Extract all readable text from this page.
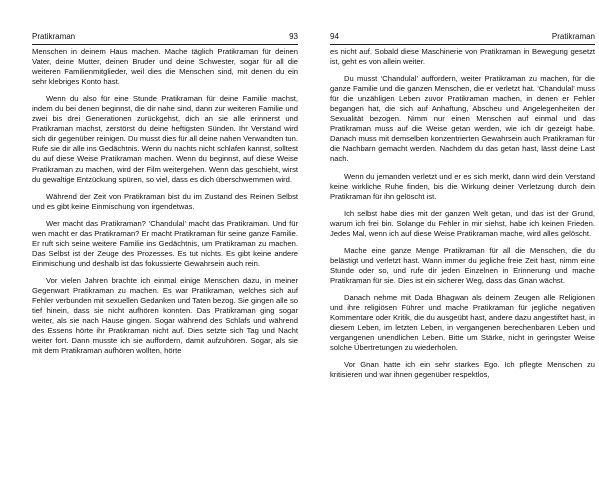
Pratikraman	93

Menschen in deinem Haus machen. Mache täglich Pratikraman für deinen Vater, deine Mutter, deinen Bruder und deine Schwester, sogar für all die weiteren Familienmitglieder, weil dies die Menschen sind, mit denen du ein sehr klebriges Konto hast.

Wenn du also für eine Stunde Pratikraman für deine Familie machst, indem du bei denen beginnst, die dir nahe sind, dann zur weiteren Familie und zwei bis drei Generationen zurückgehst, dich an sie alle erinnerst und Pratikraman machst, zerstörst du deine heftigsten Sünden. Ihr Verstand wird sich dir gegenüber reinigen. Du musst dies für all deine nahen Verwandten tun. Rufe sie dir alle ins Gedächtnis. Wenn du nachts nicht schlafen kannst, solltest du auf diese Weise Pratikraman machen. Wenn du beginnst, auf diese Weise Pratikraman zu machen, wird der Film weitergehen. Wenn das geschieht, wirst du gewaltige Entzückung spüren, so viel, dass es dich überschwemmen wird.

Während der Zeit von Pratikraman bist du im Zustand des Reinen Selbst und es gibt keine Einmischung von irgendetwas.

Wer macht das Pratikraman? ‘Chandulal’ macht das Pratikraman. Und für wen macht er das Pratikraman? Er macht Pratikraman für seine ganze Familie. Er ruft sich seine weitere Familie ins Gedächtnis, um Pratikraman zu machen. Das Selbst ist der Zeuge des Prozesses. Es tut nichts. Es gibt keine andere Einmischung und deshalb ist das fokussierte Gewahrsein auch rein.

Vor vielen Jahren brachte ich einmal einige Menschen dazu, in meiner Gegenwart Pratikraman zu machen. Es war Pratikraman, welches sich auf Fehler verbunden mit sexuellen Gedanken und Taten bezog. Sie gingen alle so tief hinein, dass sie nicht aufhören konnten. Das Pratikraman ging sogar weiter, als sie nach Hause gingen. Sogar während des Schlafs und während des Essens hörte ihr Pratikraman nicht auf. Dies setzte sich Tag und Nacht weiter fort. Dann musste ich sie auffordern, damit aufzuhören. Sogar, als sie mit dem Pratikraman aufhören wollten, hörte

94	Pratikraman

es nicht auf. Sobald diese Maschinerie von Pratikraman in Bewegung gesetzt ist, geht es von allein weiter.

Du musst ‘Chandulal’ auffordern, weiter Pratikraman zu machen, für die ganze Familie und die ganzen Menschen, die er verletzt hat. ‘Chandulal’ muss für die unzähligen Leben zuvor Pratikraman machen, in denen er Fehler begangen hat, die sich auf Anhaftung, Abscheu und Angelegenheiten der Sexualität bezogen. Nimm nur einen Menschen auf einmal und das Pratikraman muss auf die Weise getan werden, wie ich dir gezeigt habe. Danach muss mit demselben konzentrierten Gewahrsein auch Pratikraman für die Nachbarn gemacht werden. Nachdem du das getan hast, lässt deine Last nach.

Wenn du jemanden verletzt und er es sich merkt, dann wird dein Verstand keine wirkliche Ruhe finden, bis die Wirkung deiner Verletzung durch dein Pratikraman für ihn gelöscht ist.

Ich selbst habe dies mit der ganzen Welt getan, und das ist der Grund, warum ich frei bin. Solange du Fehler in mir siehst, habe ich keinen Frieden. Jedes Mal, wenn ich auf diese Weise Pratikraman mache, wird alles gelöscht.

Mache eine ganze Menge Pratikraman für all die Menschen, die du belästigt und verletzt hast. Wann immer du jegliche freie Zeit hast, nimm eine Stunde oder so, und rufe dir jeden Einzelnen in Erinnerung und mache Pratikraman für sie. Dies ist ein sicherer Weg, dass das Gnan wächst.

Danach nehme mit Dada Bhagwan als deinem Zeugen alle Religionen und ihre religiösen Führer und mache Pratikraman für jegliche negativen Kommentare oder Kritik, die du ausgeübt hast, andere dazu angestiftet hast, in diesem Leben, im letzten Leben, in vergangenen berechenbaren Leben und vergangenen unendlichen Leben. Bitte um Stärke, nicht in geringster Weise solche Übertretungen zu wiederholen.

Vor Gnan hatte ich ein sehr starkes Ego. Ich pflegte Menschen zu kritisieren und war ihnen gegenüber respektlos,
